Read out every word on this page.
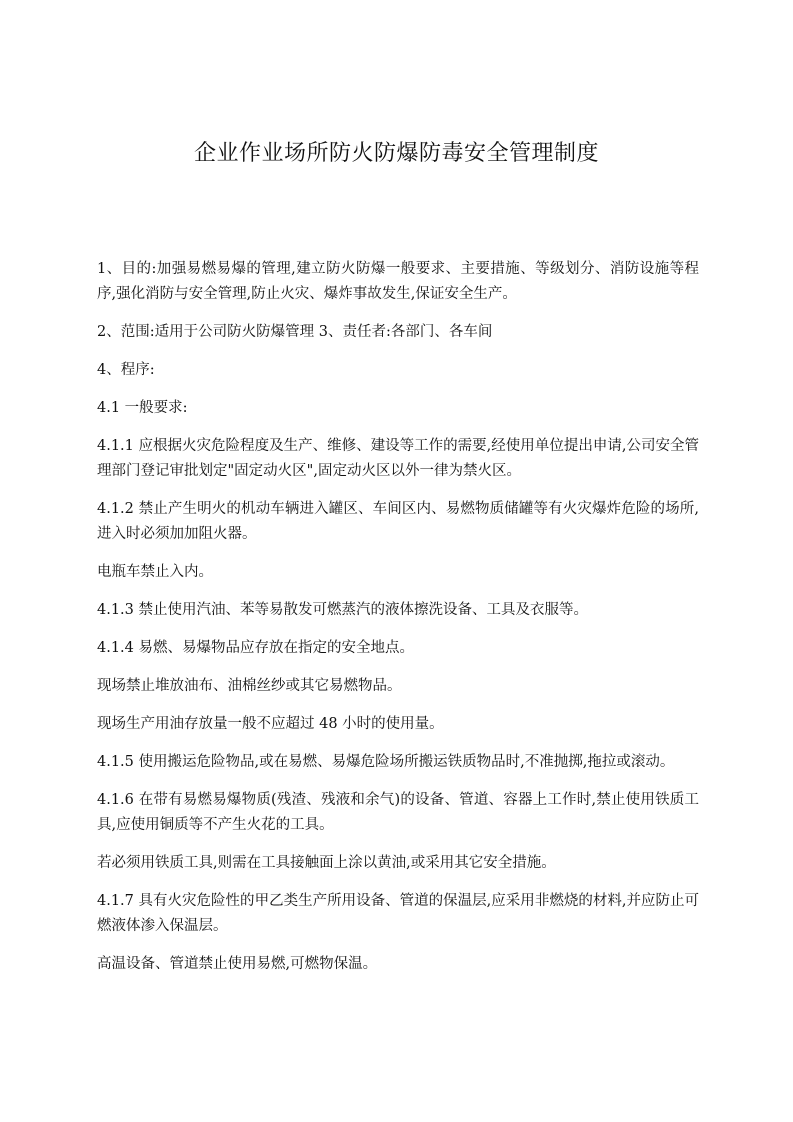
企业作业场所防火防爆防毒安全管理制度

1、目的:加强易燃易爆的管理,建立防火防爆一般要求、主要措施、等级划分、消防设施等程序,强化消防与安全管理,防止火灾、爆炸事故发生,保证安全生产。

2、范围:适用于公司防火防爆管理 3、责任者:各部门、各车间

4、程序:

4.1 一般要求:

4.1.1 应根据火灾危险程度及生产、维修、建设等工作的需要,经使用单位提出申请,公司安全管理部门登记审批划定"固定动火区",固定动火区以外一律为禁火区。

4.1.2 禁止产生明火的机动车辆进入罐区、车间区内、易燃物质储罐等有火灾爆炸危险的场所,进入时必须加加阻火器。

电瓶车禁止入内。

4.1.3 禁止使用汽油、苯等易散发可燃蒸汽的液体擦洗设备、工具及衣服等。

4.1.4 易燃、易爆物品应存放在指定的安全地点。

现场禁止堆放油布、油棉丝纱或其它易燃物品。

现场生产用油存放量一般不应超过 48 小时的使用量。

4.1.5 使用搬运危险物品,或在易燃、易爆危险场所搬运铁质物品时,不准抛掷,拖拉或滚动。

4.1.6 在带有易燃易爆物质(残渣、残液和余气)的设备、管道、容器上工作时,禁止使用铁质工具,应使用铜质等不产生火花的工具。

若必须用铁质工具,则需在工具接触面上涂以黄油,或采用其它安全措施。

4.1.7 具有火灾危险性的甲乙类生产所用设备、管道的保温层,应采用非燃烧的材料,并应防止可燃液体渗入保温层。

高温设备、管道禁止使用易燃,可燃物保温。
